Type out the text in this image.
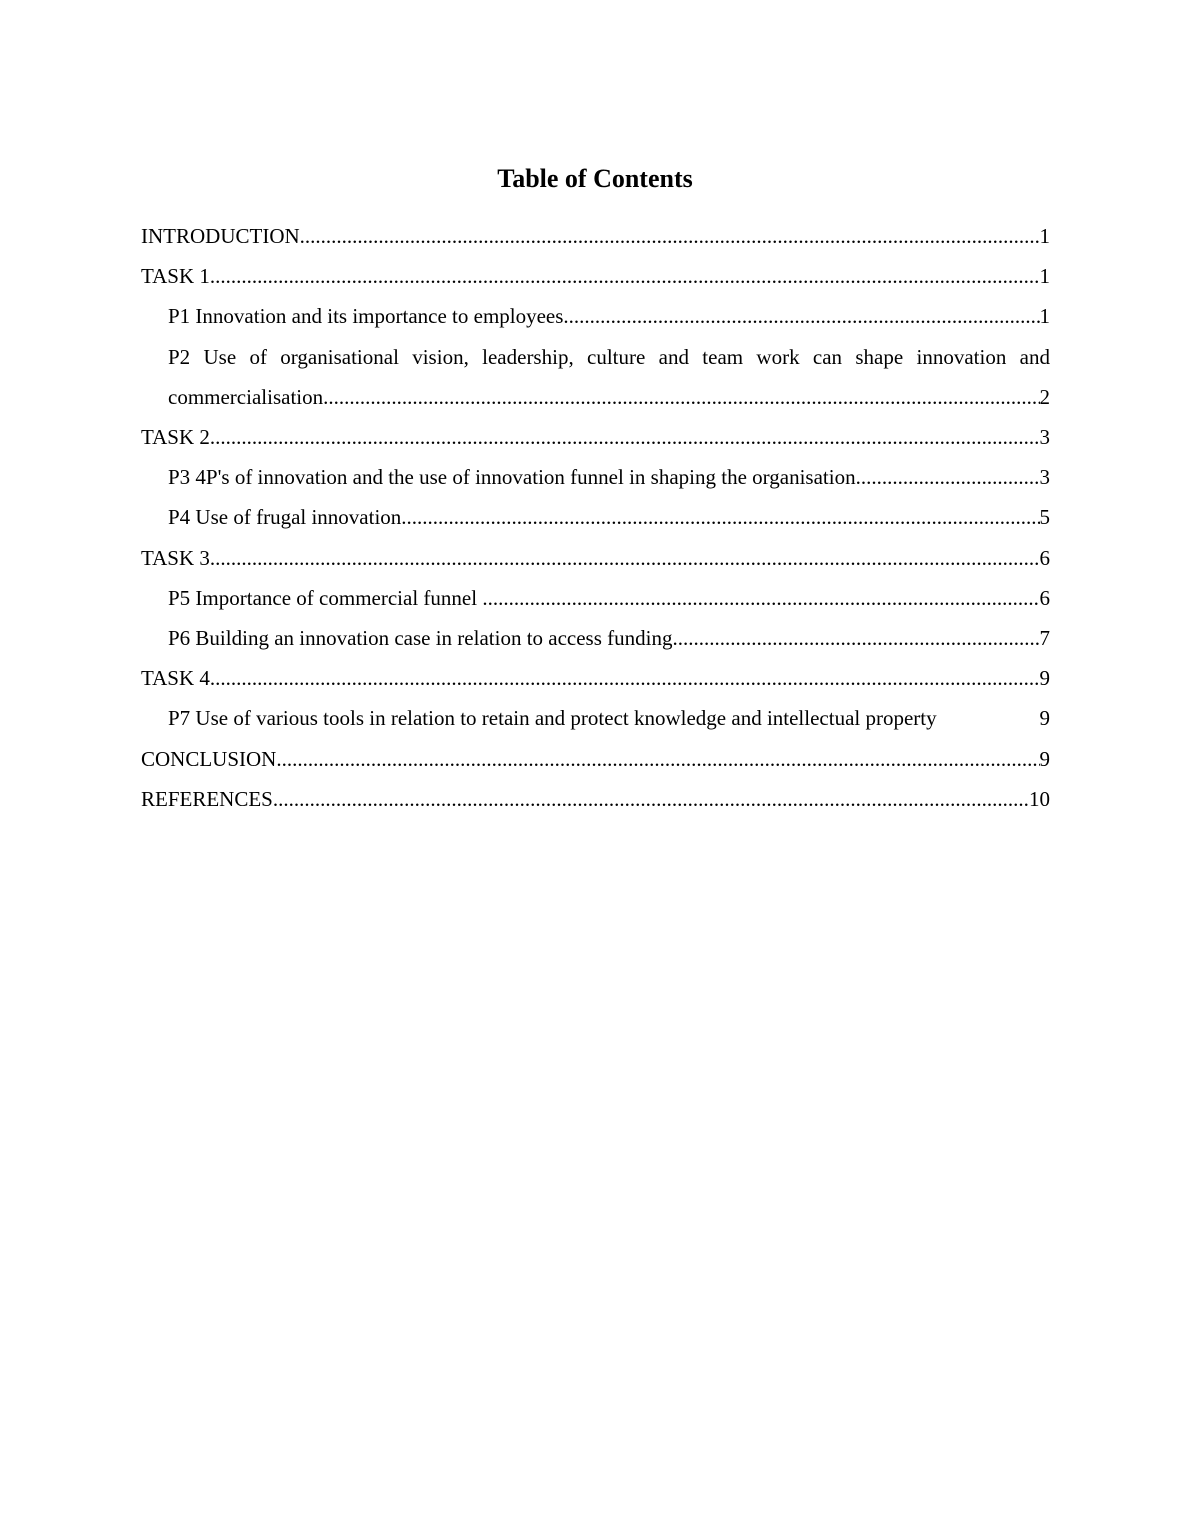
Table of Contents
INTRODUCTION .....	1
TASK 1 .....	1
P1 Innovation and its importance to employees .....	1
P2 Use of organisational vision, leadership, culture and team work can shape innovation and
commercialisation .....	2
TASK 2 .....	3
P3 4P's of innovation and the use of innovation funnel in shaping the organisation .....	3
P4 Use of frugal innovation .....	5
TASK 3 .....	6
P5 Importance of commercial funnel .....	6
P6 Building an innovation case in relation to access funding .....	7
TASK 4 .....	9
P7 Use of various tools in relation to retain and protect knowledge and intellectual property	9
CONCLUSION .....	9
REFERENCES .....	10
